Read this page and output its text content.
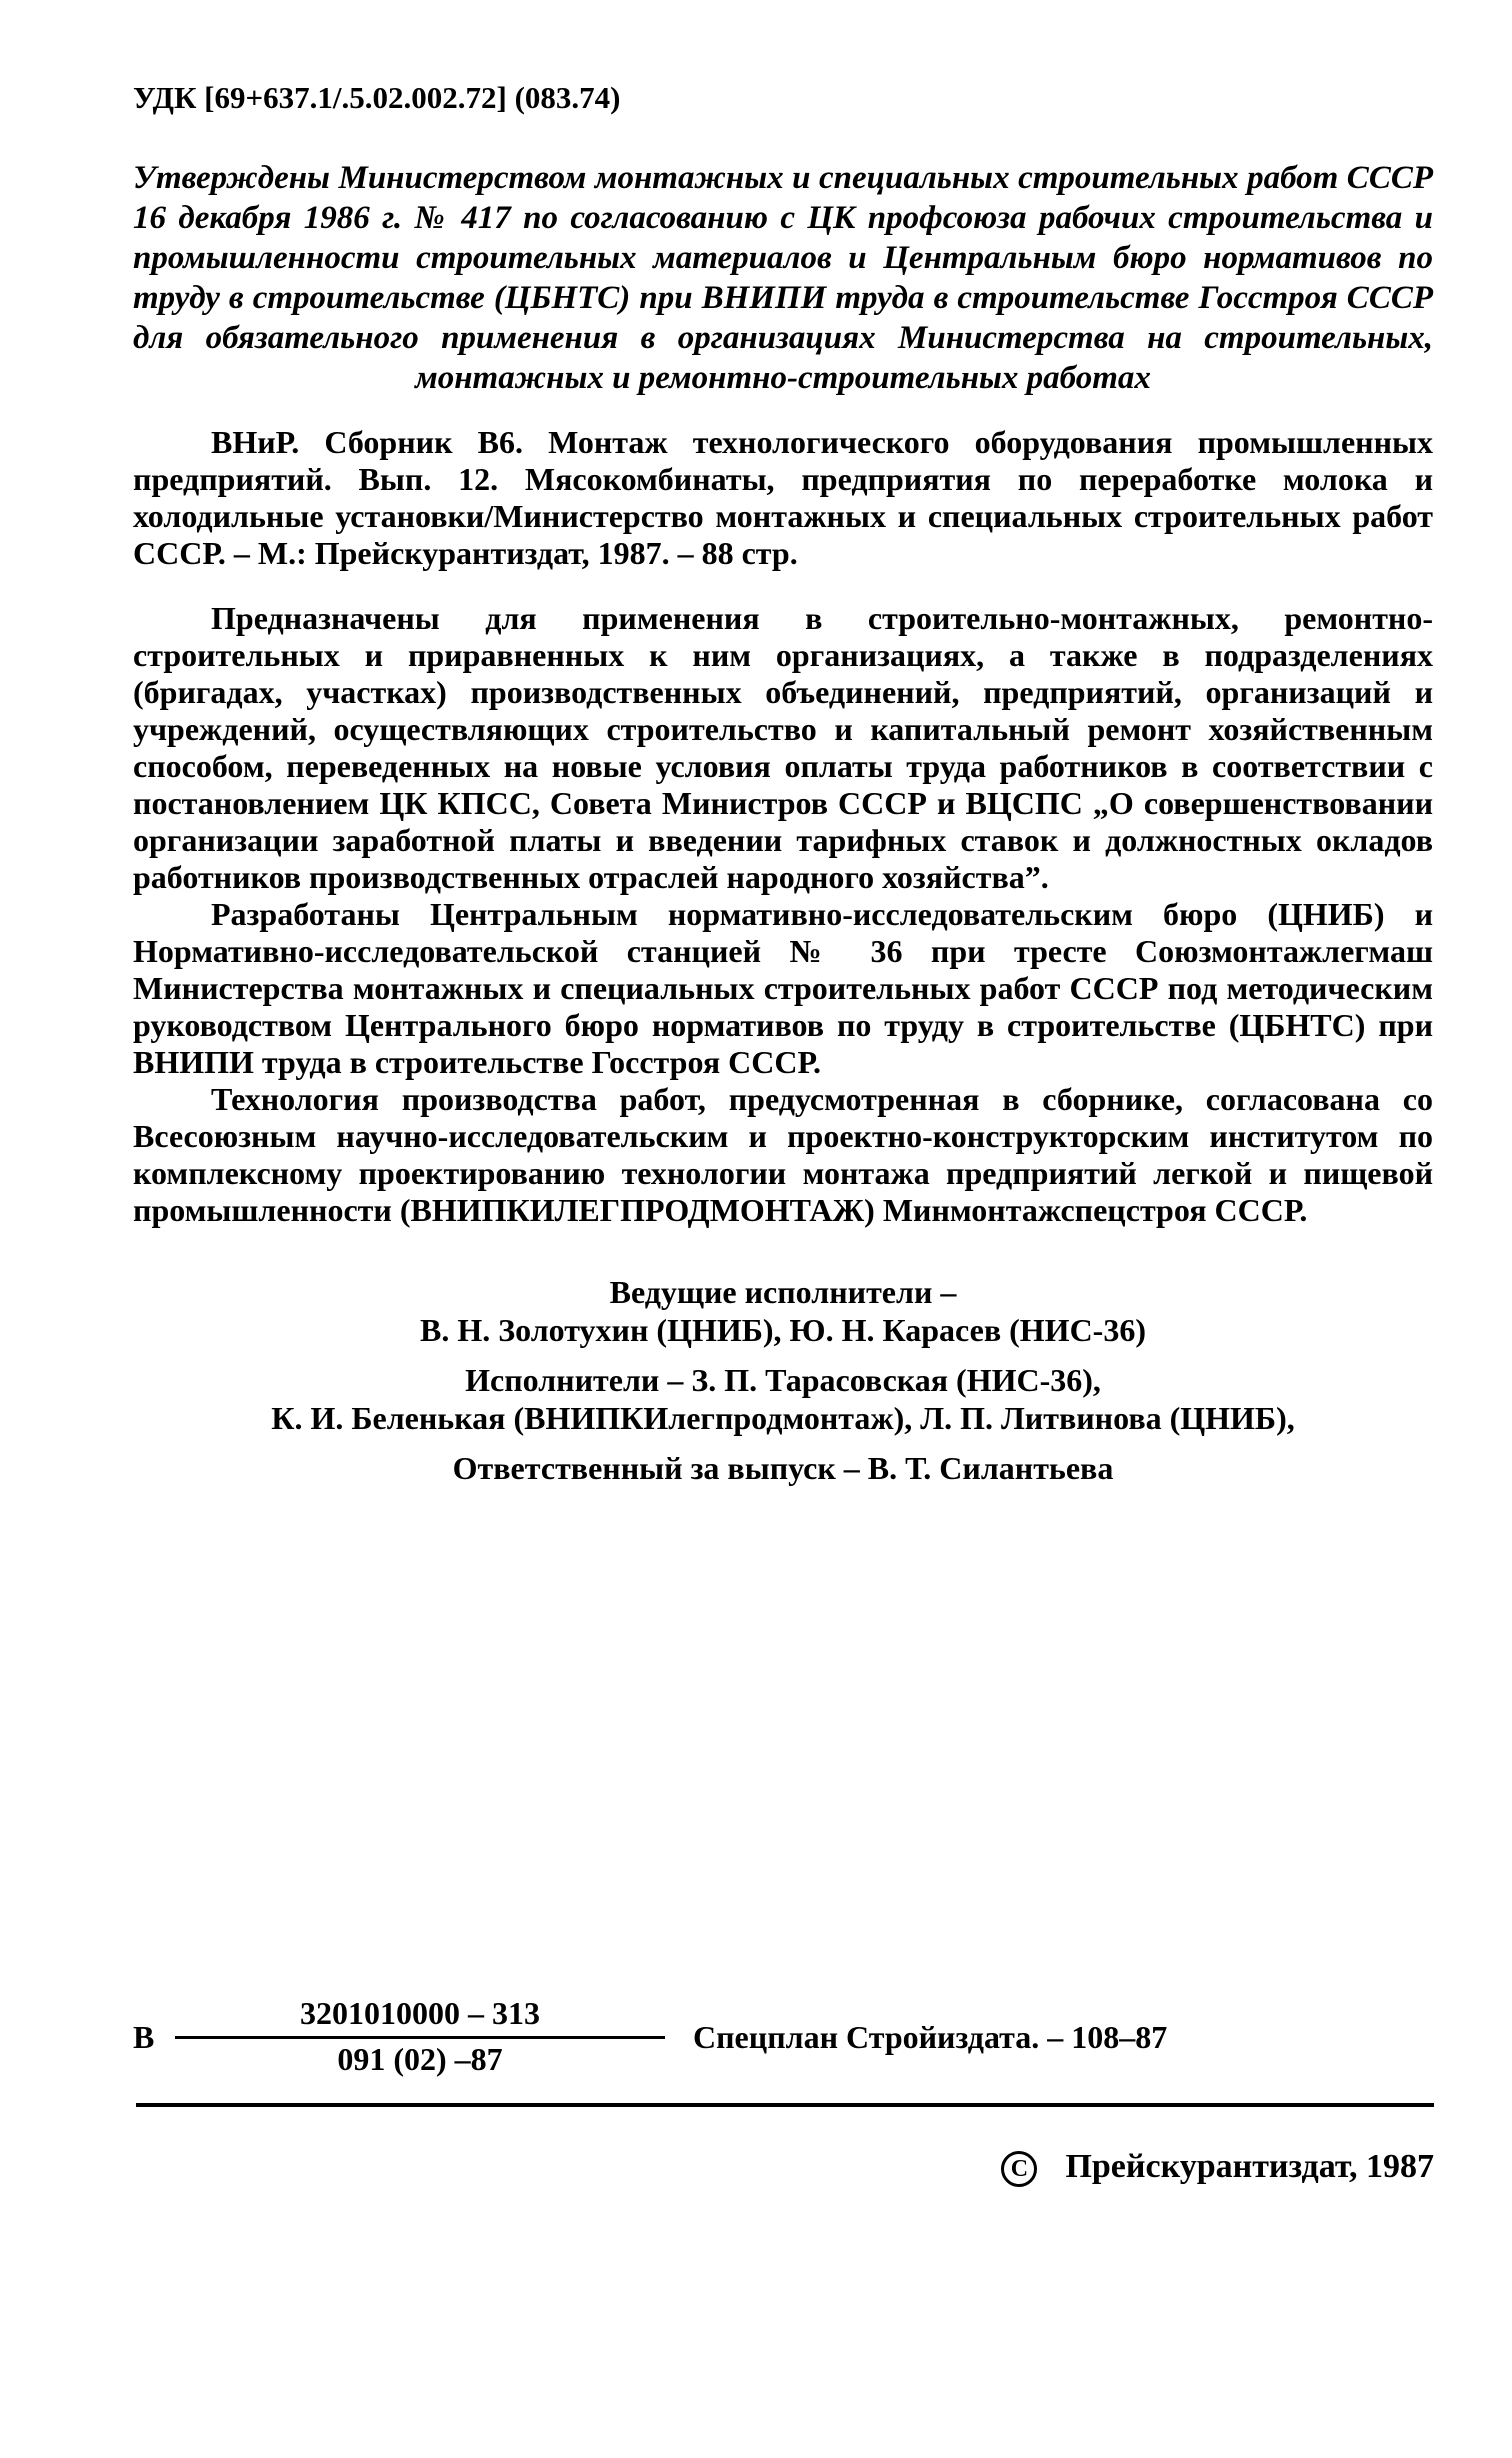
УДК [69+637.1/.5.02.002.72] (083.74)

Утверждены Министерством монтажных и специальных строительных работ СССР 16 декабря 1986 г. № 417 по согласованию с ЦК профсоюза рабочих строительства и промышленности строительных материалов и Центральным бюро нормативов по труду в строительстве (ЦБНТС) при ВНИПИ труда в строительстве Госстроя СССР для обязательного применения в организациях Министерства на строительных, монтажных и ремонтно-строительных работах

ВНиР. Сборник В6. Монтаж технологического оборудования промышленных предприятий. Вып. 12. Мясокомбинаты, предприятия по переработке молока и холодильные установки/Министерство монтажных и специальных строительных работ СССР. – М.: Прейскурантиздат, 1987. – 88 стр.

Предназначены для применения в строительно-монтажных, ремонтно-строительных и приравненных к ним организациях, а также в подразделениях (бригадах, участках) производственных объединений, предприятий, организаций и учреждений, осуществляющих строительство и капитальный ремонт хозяйственным способом, переведенных на новые условия оплаты труда работников в соответствии с постановлением ЦК КПСС, Совета Министров СССР и ВЦСПС „О совершенствовании организации заработной платы и введении тарифных ставок и должностных окладов работников производственных отраслей народного хозяйства”.

Разработаны Центральным нормативно-исследовательским бюро (ЦНИБ) и Нормативно-исследовательской станцией № 36 при тресте Союзмонтажлегмаш Министерства монтажных и специальных строительных работ СССР под методическим руководством Центрального бюро нормативов по труду в строительстве (ЦБНТС) при ВНИПИ труда в строительстве Госстроя СССР.

Технология производства работ, предусмотренная в сборнике, согласована со Всесоюзным научно-исследовательским и проектно-конструкторским институтом по комплексному проектированию технологии монтажа предприятий легкой и пищевой промышленности (ВНИПКИЛЕГПРОДМОНТАЖ) Минмонтажспецстроя СССР.

Ведущие исполнители –

В. Н. Золотухин (ЦНИБ), Ю. Н. Карасев (НИС-36)

Исполнители – З. П. Тарасовская (НИС-36),

К. И. Беленькая (ВНИПКИлегпродмонтаж), Л. П. Литвинова (ЦНИБ),

Ответственный за выпуск – В. Т. Силантьева

В $\frac{3201010000 - 313}{091 (02) -87}$ Спецплан Стройиздата. – 108–87
C Прейскурантиздат, 1987
